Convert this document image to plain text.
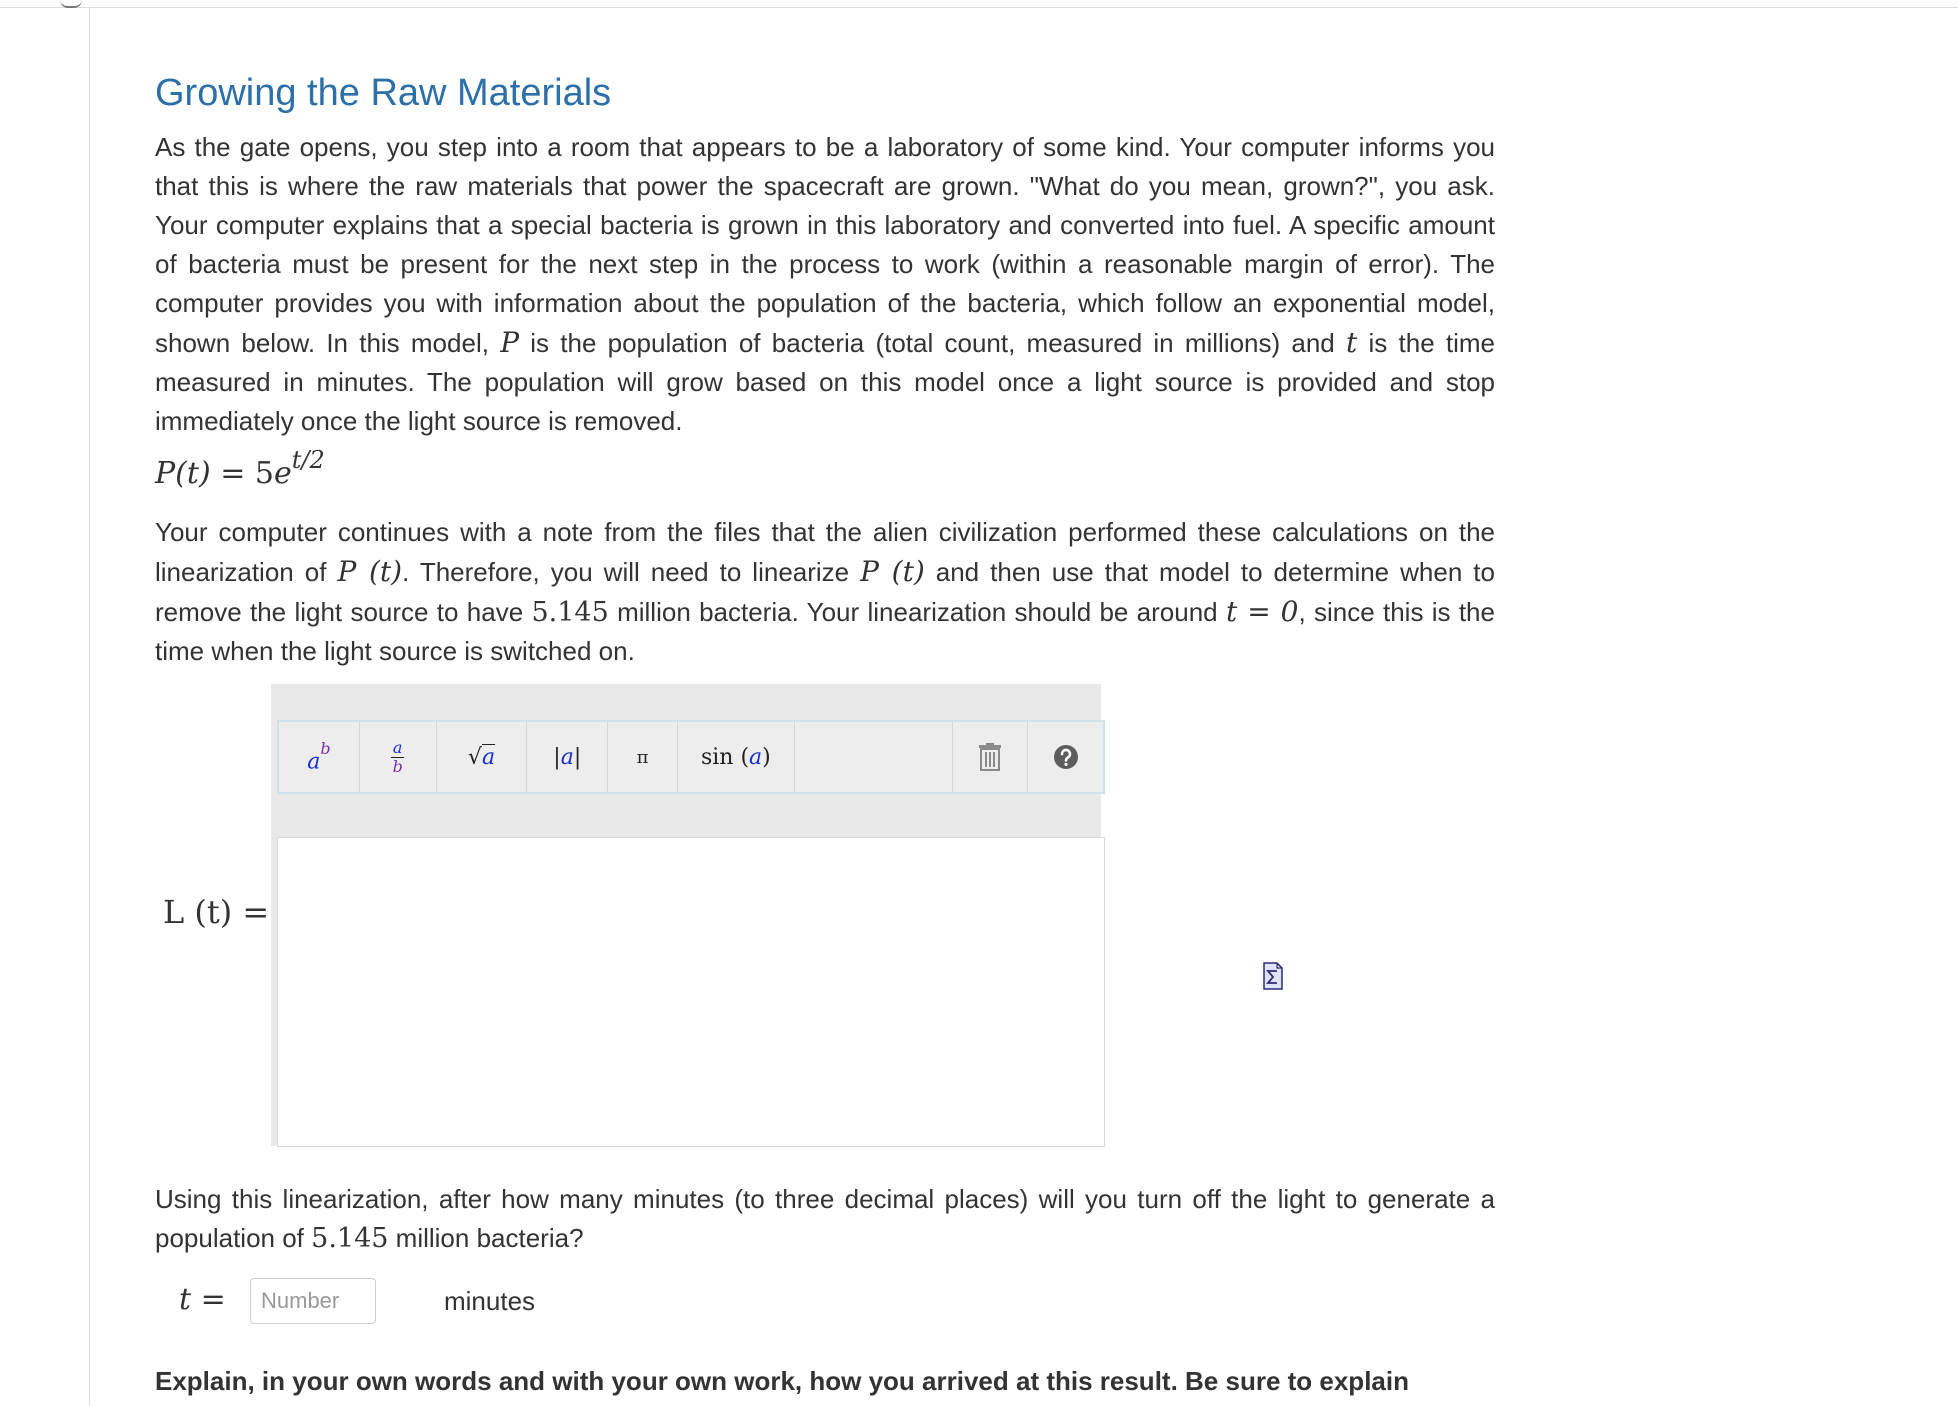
Growing the Raw Materials

As the gate opens, you step into a room that appears to be a laboratory of some kind. Your computer informs you that this is where the raw materials that power the spacecraft are grown. "What do you mean, grown?", you ask. Your computer explains that a special bacteria is grown in this laboratory and converted into fuel. A specific amount of bacteria must be present for the next step in the process to work (within a reasonable margin of error). The computer provides you with information about the population of the bacteria, which follow an exponential model, shown below. In this model, P is the population of bacteria (total count, measured in millions) and t is the time measured in minutes. The population will grow based on this model once a light source is provided and stop immediately once the light source is removed.

$P(t) = 5e^{t/2}$

Your computer continues with a note from the files that the alien civilization performed these calculations on the linearization of P (t). Therefore, you will need to linearize P (t) and then use that model to determine when to remove the light source to have 5.145 million bacteria. Your linearization should be around t = 0, since this is the time when the light source is switched on.

L (t) =
$a^b$	a
b	√a	|a|	π sin (a)

Using this linearization, after how many minutes (to three decimal places) will you turn off the light to generate a population of 5.145 million bacteria?

t =
Number	minutes
Explain, in your own words and with your own work, how you arrived at this result. Be sure to explain
